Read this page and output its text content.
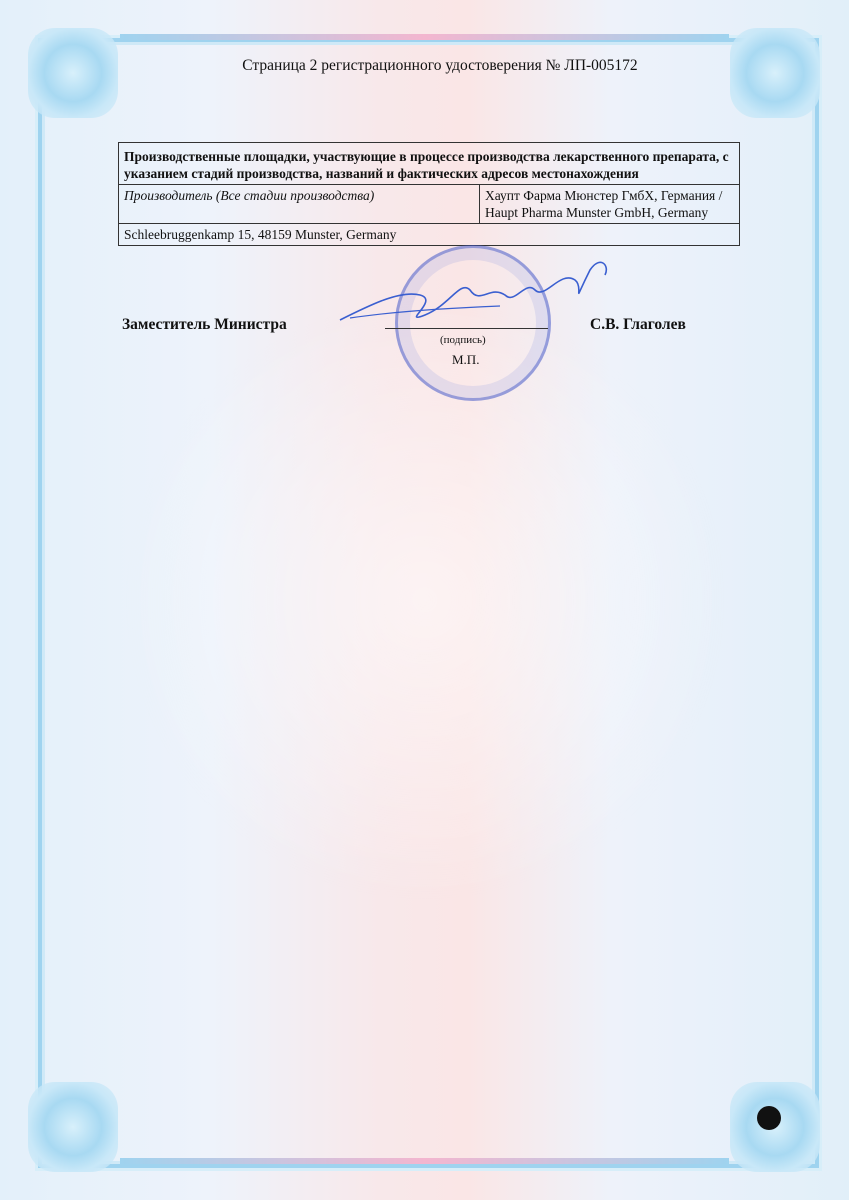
Страница 2 регистрационного удостоверения № ЛП-005172
Производственные площадки, участвующие в процессе производства лекарственного препарата, с указанием стадий производства, названий и фактических адресов местонахождения
Производитель (Все стадии производства)	Хаупт Фарма Мюнстер ГмбХ, Германия / Haupt Pharma Munster GmbH, Germany
Schleebruggenkamp 15, 48159 Munster, Germany
Заместитель Министра
(подпись)
М.П.
С.В. Глаголев
